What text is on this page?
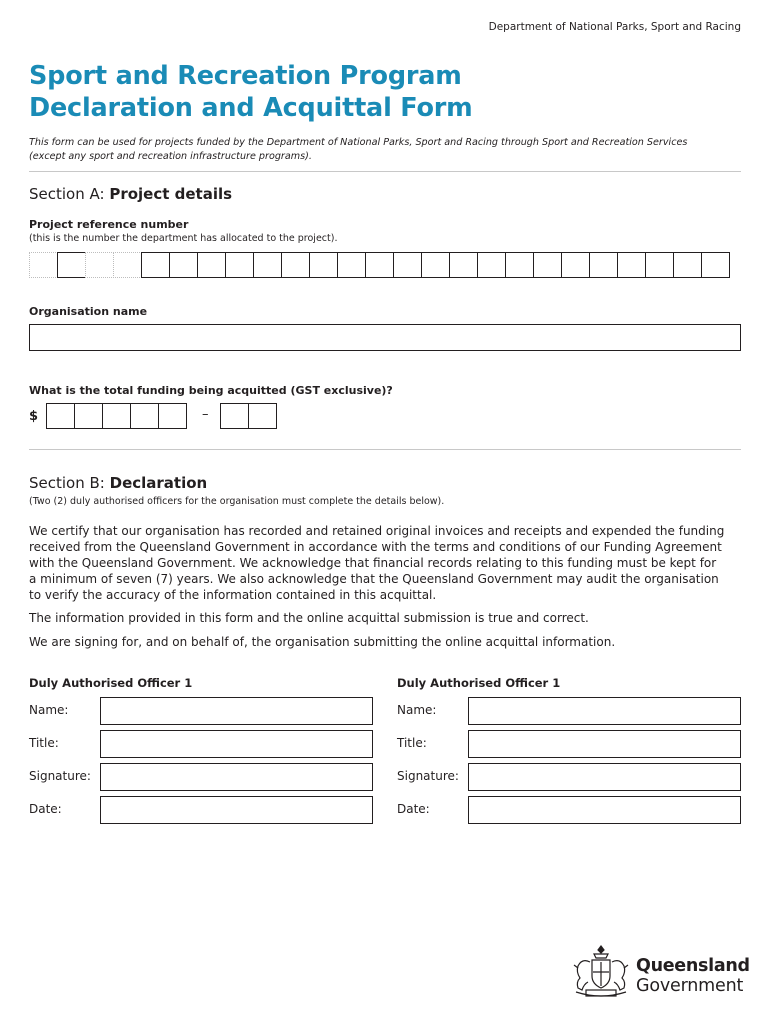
Department of National Parks, Sport and Racing
Sport and Recreation Program
Declaration and Acquittal Form
This form can be used for projects funded by the Department of National Parks, Sport and Racing through Sport and Recreation Services
(except any sport and recreation infrastructure programs).
Section A: Project details
Project reference number
(this is the number the department has allocated to the project).
Organisation name
What is the total funding being acquitted (GST exclusive)?
$	–
Section B: Declaration
(Two (2) duly authorised officers for the organisation must complete the details below).
We certify that our organisation has recorded and retained original invoices and receipts and expended the funding
received from the Queensland Government in accordance with the terms and conditions of our Funding Agreement
with the Queensland Government. We acknowledge that financial records relating to this funding must be kept for
a minimum of seven (7) years. We also acknowledge that the Queensland Government may audit the organisation
to verify the accuracy of the information contained in this acquittal.
The information provided in this form and the online acquittal submission is true and correct.
We are signing for, and on behalf of, the organisation submitting the online acquittal information.
Duly Authorised Officer 1
Name:
Title:
Signature:
Date:
Duly Authorised Officer 1
Name:
Title:
Signature:
Date:
Queensland
Government
